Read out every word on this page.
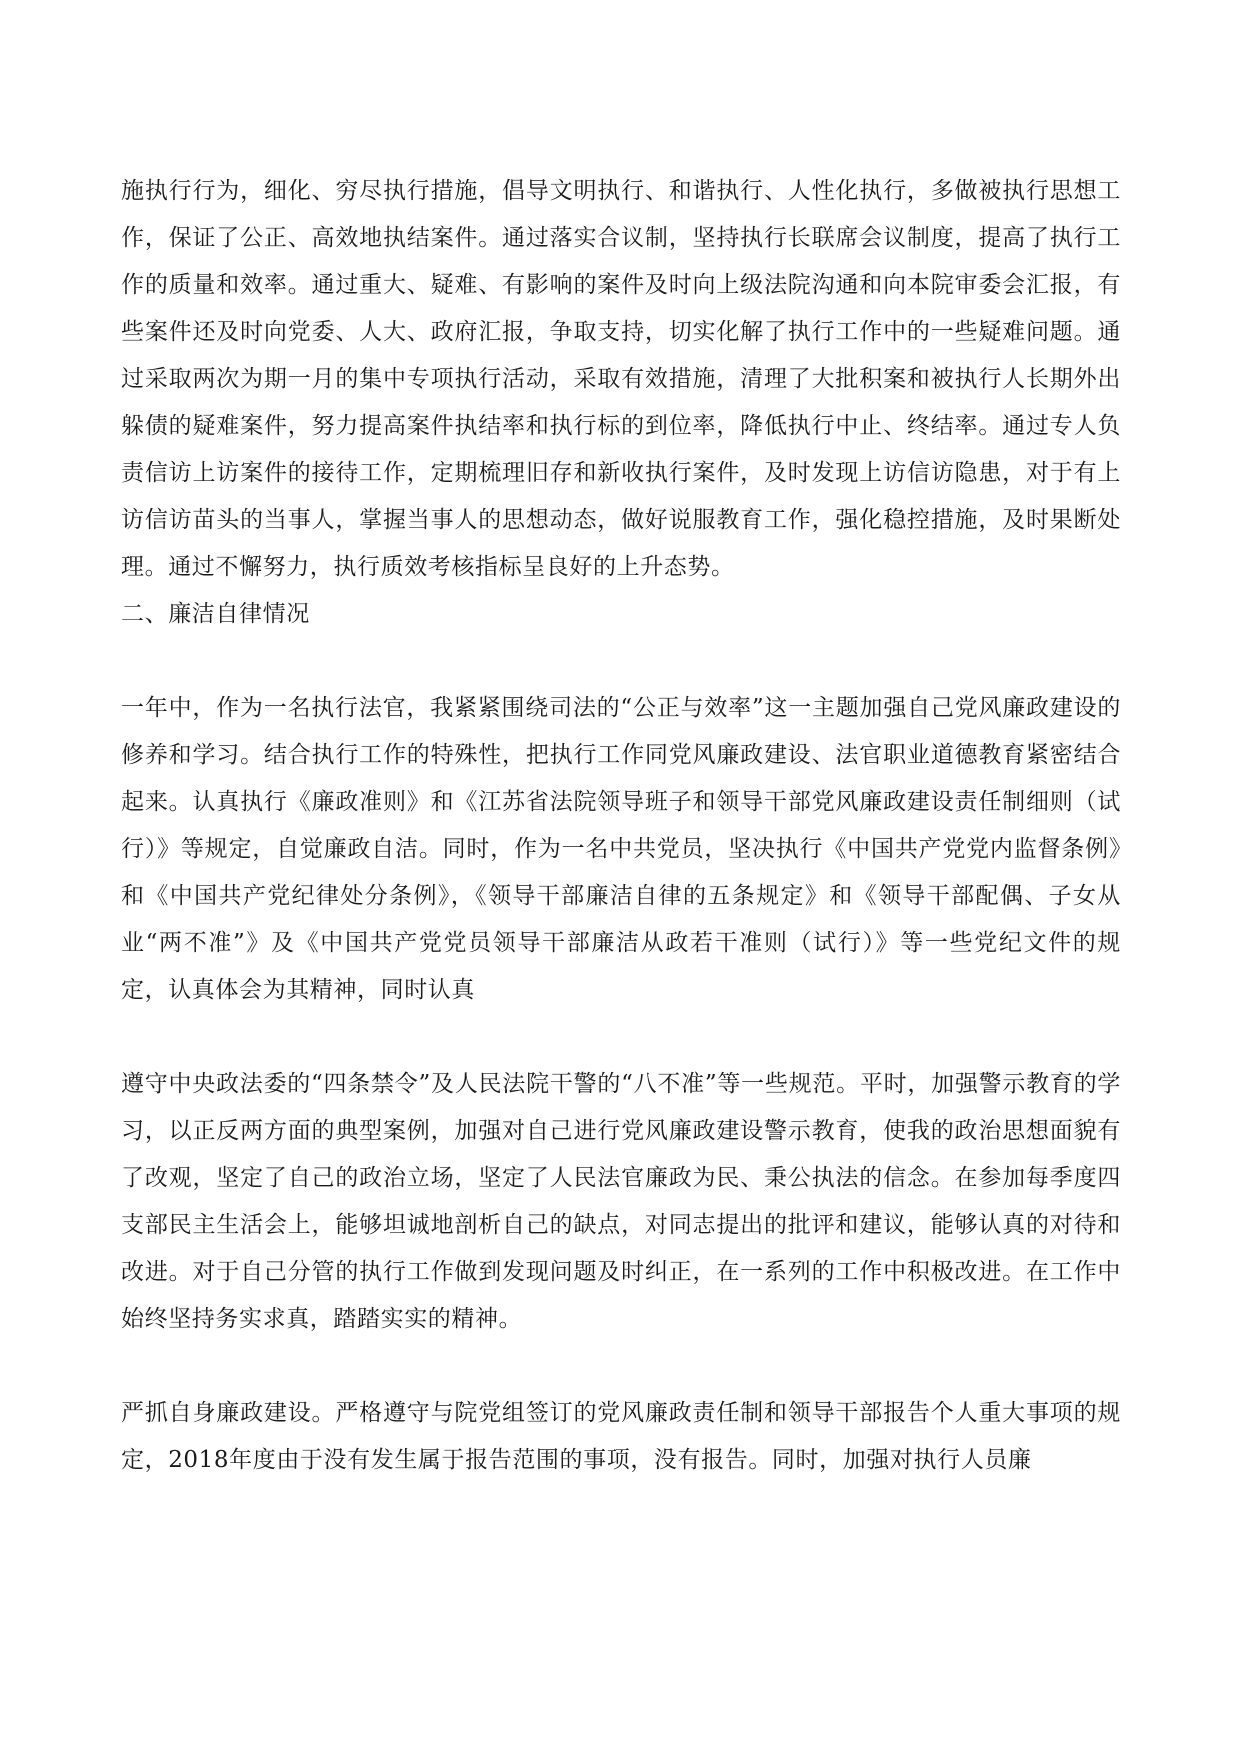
施执行行为，细化、穷尽执行措施，倡导文明执行、和谐执行、人性化执行，多做被执行思想工作，保证了公正、高效地执结案件。通过落实合议制，坚持执行长联席会议制度，提高了执行工作的质量和效率。通过重大、疑难、有影响的案件及时向上级法院沟通和向本院审委会汇报，有些案件还及时向党委、人大、政府汇报，争取支持，切实化解了执行工作中的一些疑难问题。通过采取两次为期一月的集中专项执行活动，采取有效措施，清理了大批积案和被执行人长期外出躲债的疑难案件，努力提高案件执结率和执行标的到位率，降低执行中止、终结率。通过专人负责信访上访案件的接待工作，定期梳理旧存和新收执行案件，及时发现上访信访隐患，对于有上访信访苗头的当事人，掌握当事人的思想动态，做好说服教育工作，强化稳控措施，及时果断处理。通过不懈努力，执行质效考核指标呈良好的上升态势。

二、廉洁自律情况

一年中，作为一名执行法官，我紧紧围绕司法的“公正与效率”这一主题加强自己党风廉政建设的修养和学习。结合执行工作的特殊性，把执行工作同党风廉政建设、法官职业道德教育紧密结合起来。认真执行《廉政准则》和《江苏省法院领导班子和领导干部党风廉政建设责任制细则（试行）》等规定，自觉廉政自洁。同时，作为一名中共党员，坚决执行《中国共产党党内监督条例》和《中国共产党纪律处分条例》，《领导干部廉洁自律的五条规定》和《领导干部配偶、子女从业“两不准”》及《中国共产党党员领导干部廉洁从政若干准则（试行）》等一些党纪文件的规定，认真体会为其精神，同时认真

遵守中央政法委的“四条禁令”及人民法院干警的“八不准”等一些规范。平时，加强警示教育的学习，以正反两方面的典型案例，加强对自己进行党风廉政建设警示教育，使我的政治思想面貌有了改观，坚定了自己的政治立场，坚定了人民法官廉政为民、秉公执法的信念。在参加每季度四支部民主生活会上，能够坦诚地剖析自己的缺点，对同志提出的批评和建议，能够认真的对待和改进。对于自己分管的执行工作做到发现问题及时纠正，在一系列的工作中积极改进。在工作中始终坚持务实求真，踏踏实实的精神。

严抓自身廉政建设。严格遵守与院党组签订的党风廉政责任制和领导干部报告个人重大事项的规定，2018年度由于没有发生属于报告范围的事项，没有报告。同时，加强对执行人员廉
